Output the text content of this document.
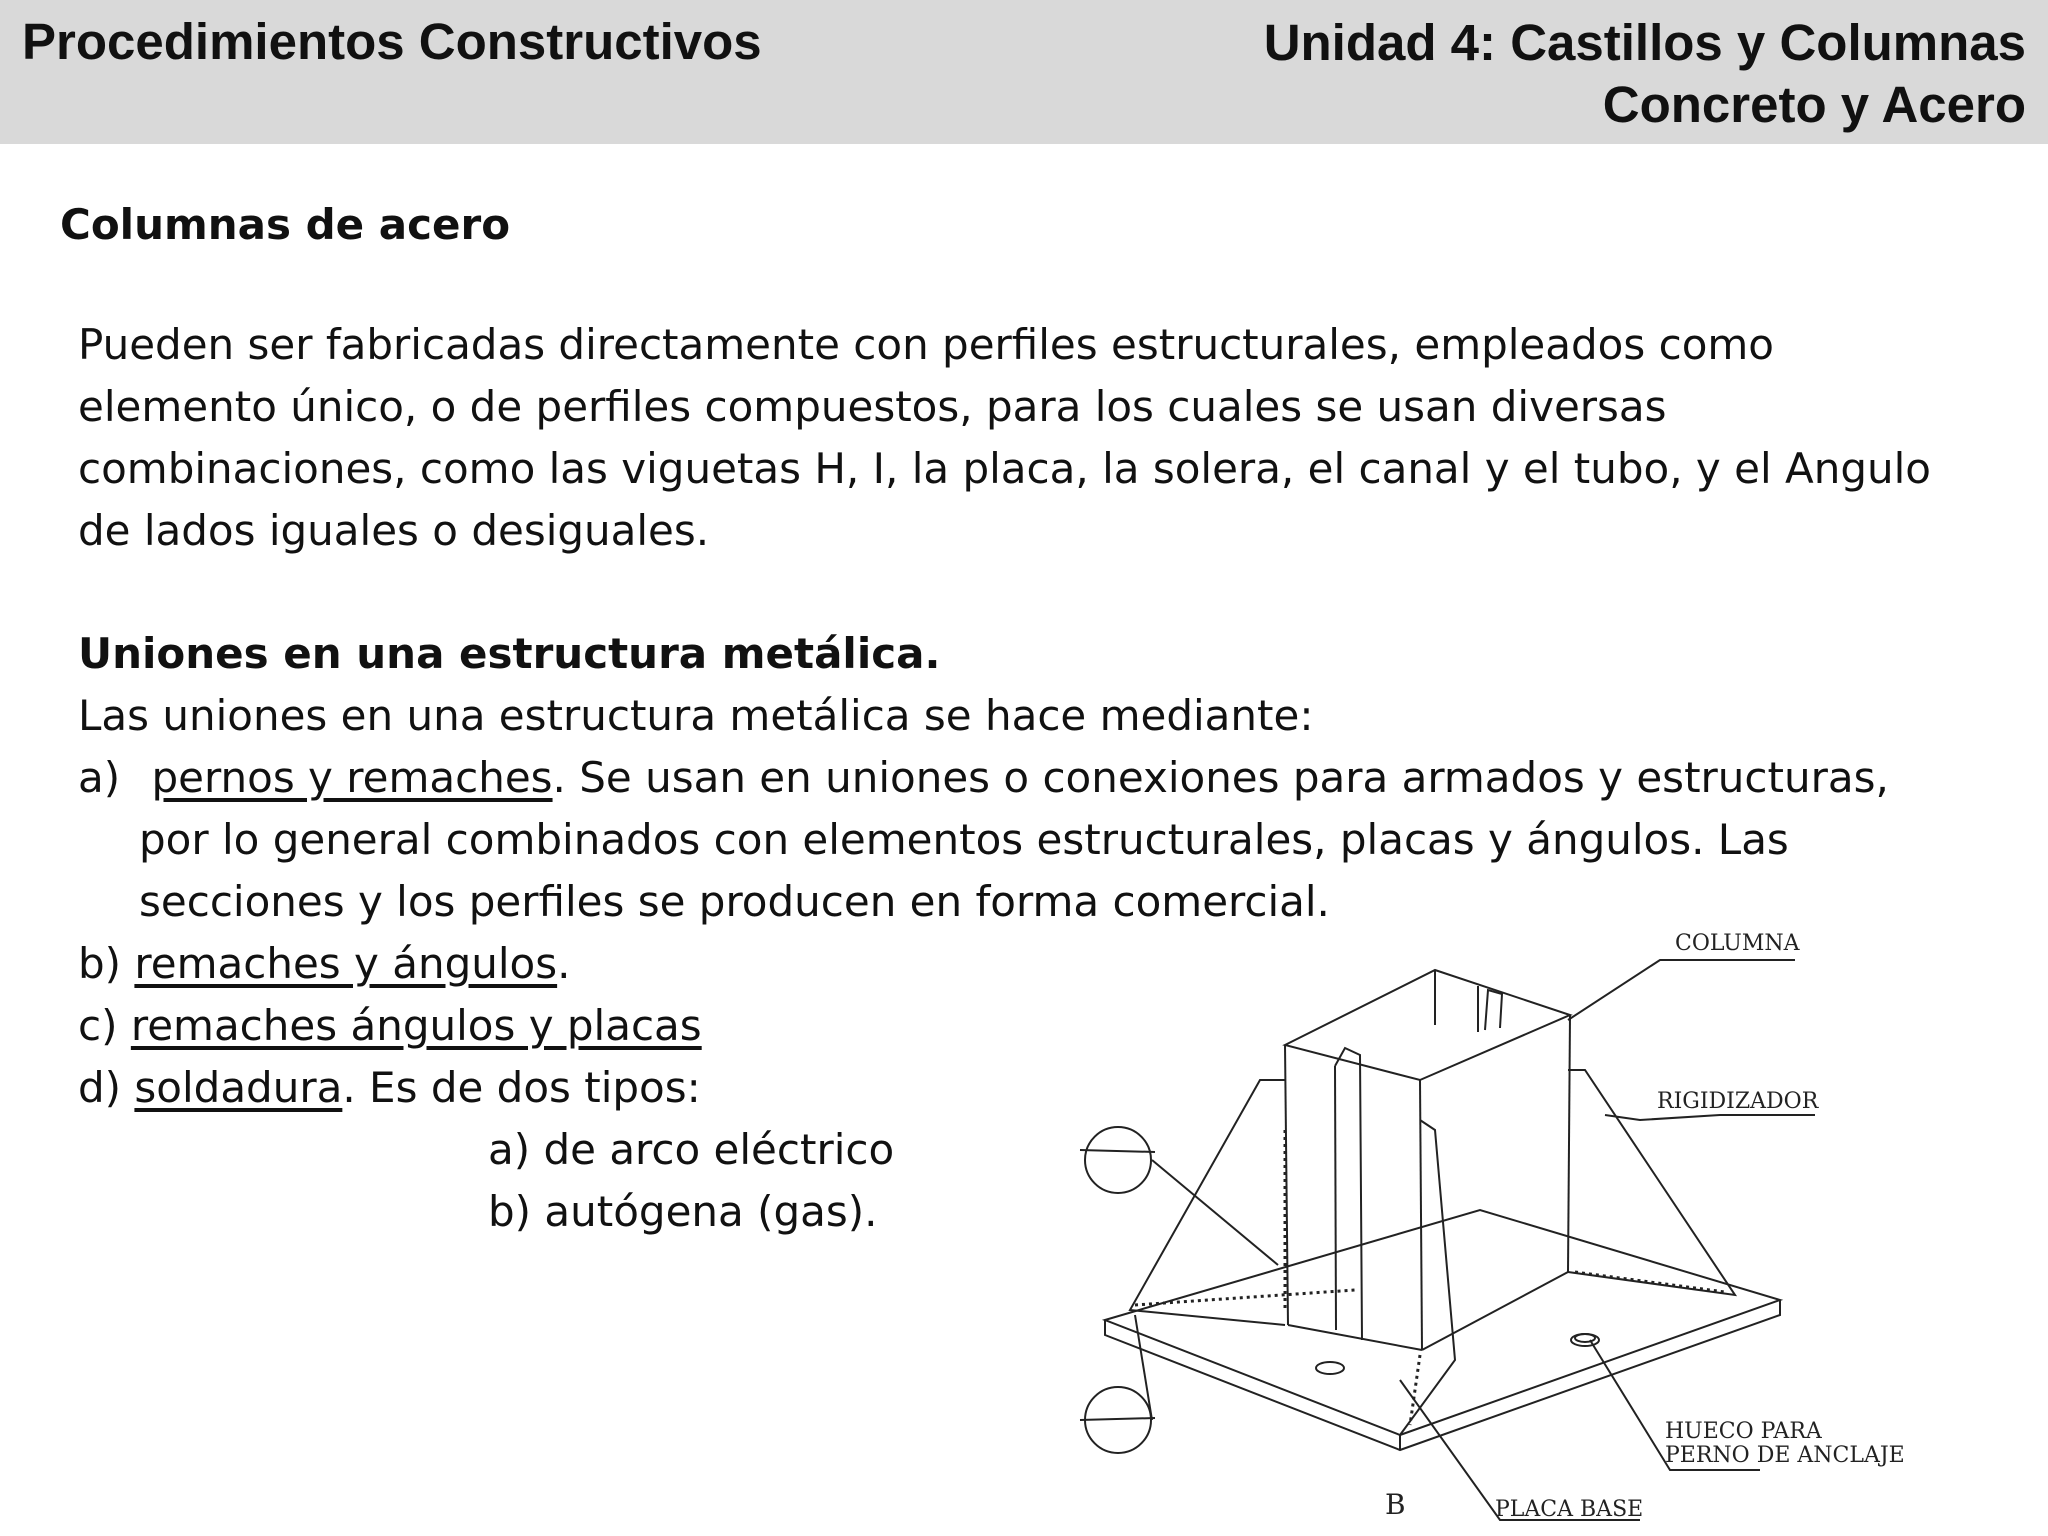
Procedimientos Constructivos	Unidad 4: Castillos y Columnas
Concreto y Acero
Columnas de acero

Pueden ser fabricadas directamente con perfiles estructurales, empleados como

elemento único, o de perfiles compuestos, para los cuales se usan diversas

combinaciones, como las viguetas H, I, la placa, la solera, el canal y el tubo, y el Angulo

de lados iguales o desiguales.

Uniones en una estructura metálica.
Las uniones en una estructura metálica se hace mediante:
a) pernos y remaches. Se usan en uniones o conexiones para armados y estructuras,
por lo general combinados con elementos estructurales, placas y ángulos. Las
secciones y los perfiles se producen en forma comercial.
b) remaches y ángulos.
c) remaches ángulos y placas
d) soldadura. Es de dos tipos:
a) de arco eléctrico
b) autógena (gas).
COLUMNA
RIGIDIZADOR
HUECO PARA
PERNO DE ANCLAJE
PLACA BASE
B
